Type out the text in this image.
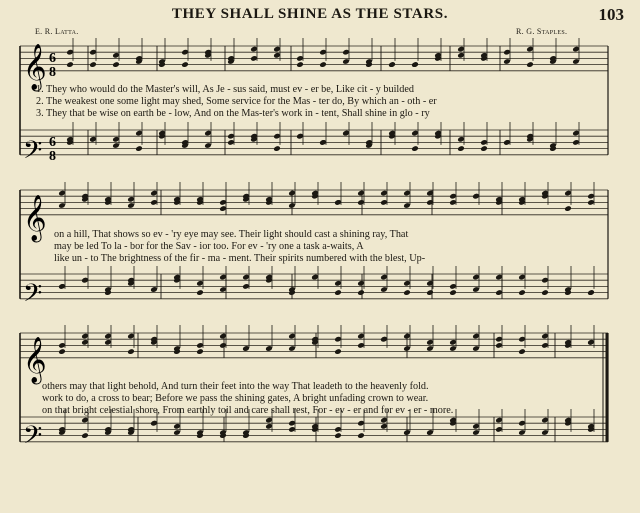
THEY SHALL SHINE AS THE STARS.	103
E. R. Latta.	R. G. Staples.
𝄞
𝄢
𝄞
𝄢
𝄞
𝄢
6
8
6
8
1. They who would do the Master's will, As Je - sus said, must ev - er be, Like cit - y builded
2. The weakest one some light may shed, Some service for the Mas - ter do, By which an - oth - er
3. They that be wise on earth be - low, And on the Mas-ter's work in - tent, Shall shine in glo - ry
on a hill, That shows so ev - 'ry eye may see. Their light should cast a shining ray, That
may be led To la - bor for the Sav - ior too. For ev - 'ry one a task a-waits, A
like un - to The brightness of the fir - ma - ment. Their spirits numbered with the blest, Up-
others may that light behold, And turn their feet into the way That leadeth to the heavenly fold.
work to do, a cross to bear; Before we pass the shining gates, A bright unfading crown to wear.
on that bright celestial shore, From earthly toil and care shall rest, For - ev - er and for ev - er - more.
